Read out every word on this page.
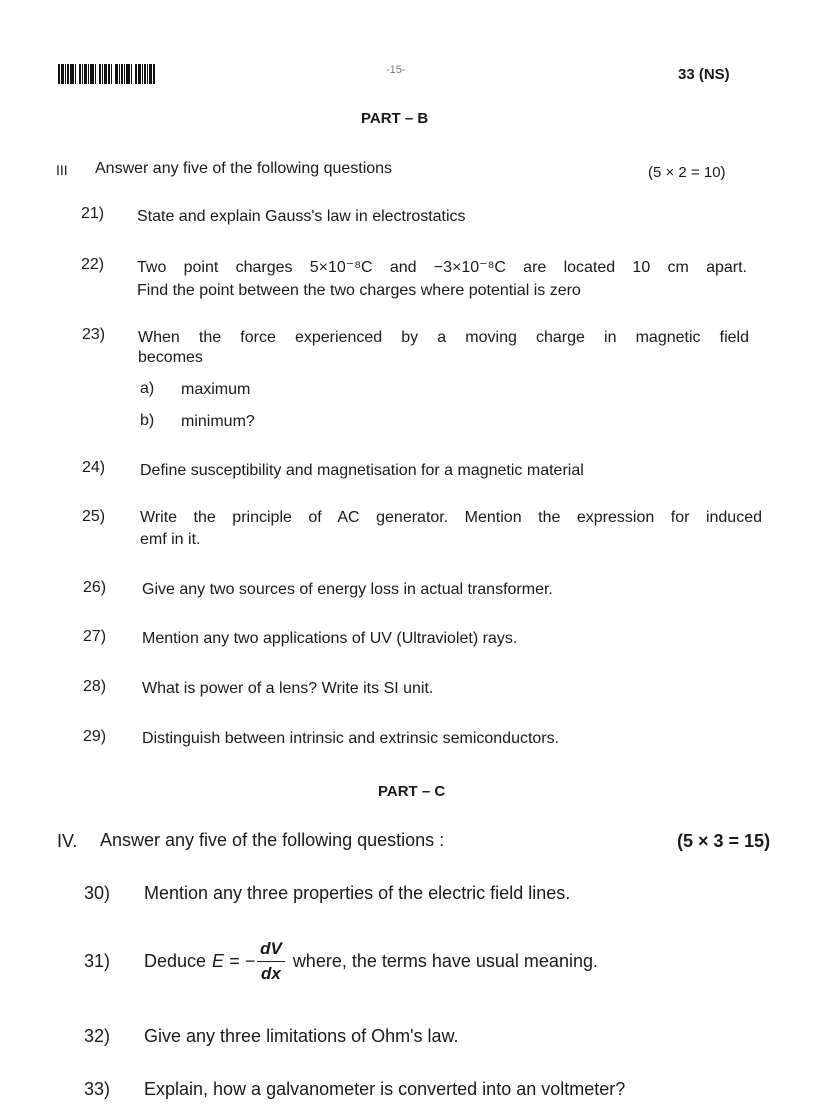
-15-	33 (NS)
PART – B
III Answer any five of the following questions	(5 × 2 = 10)
21) State and explain Gauss's law in electrostatics
22) Two point charges 5×10⁻⁸C and −3×10⁻⁸C are located 10 cm apart.
Find the point between the two charges where potential is zero
23) When the force experienced by a moving charge in magnetic field
becomes
a) maximum
b) minimum?
24) Define susceptibility and magnetisation for a magnetic material
25) Write the principle of AC generator. Mention the expression for induced
emf in it.
26) Give any two sources of energy loss in actual transformer.
27) Mention any two applications of UV (Ultraviolet) rays.
28) What is power of a lens? Write its SI unit.
29) Distinguish between intrinsic and extrinsic semiconductors.
PART – C
IV. Answer any five of the following questions :	(5 × 3 = 15)
30) Mention any three properties of the electric field lines.
31) Deduce E = − $\frac{dV}{dx}$ where, the terms have usual meaning.
32) Give any three limitations of Ohm's law.
33) Explain, how a galvanometer is converted into an voltmeter?
